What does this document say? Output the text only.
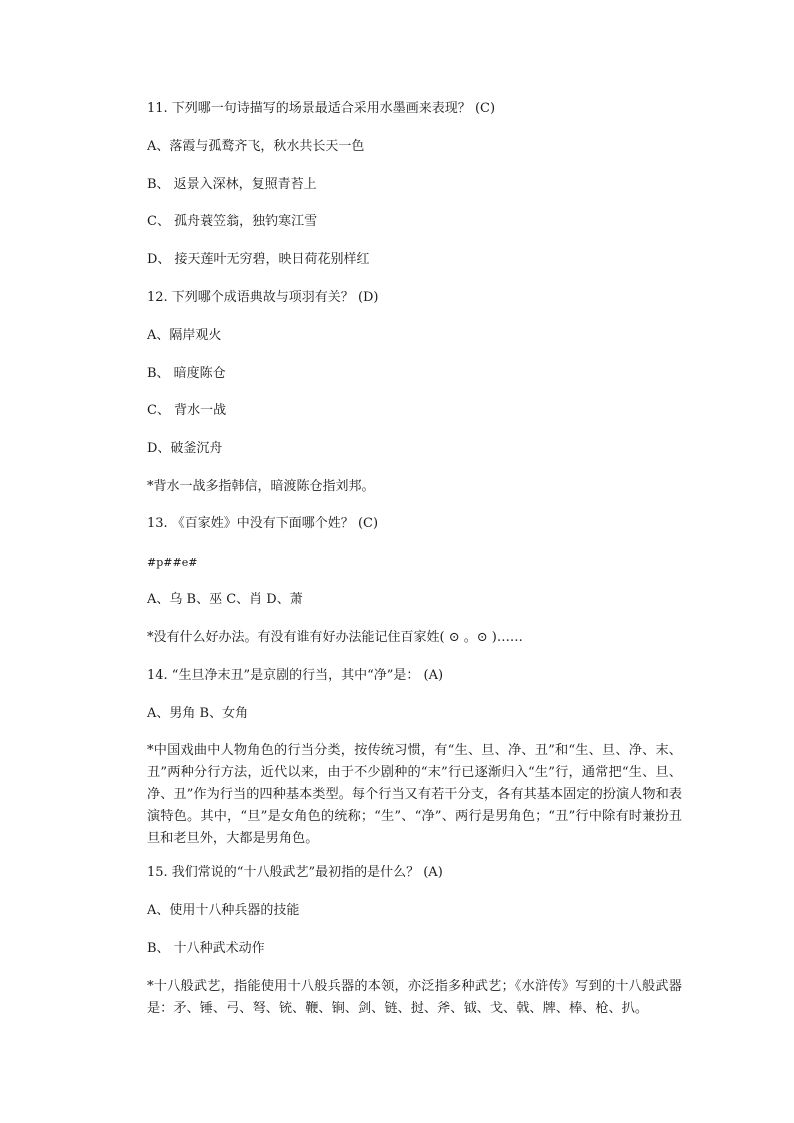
11. 下列哪一句诗描写的场景最适合采用水墨画来表现？ (C)
A、落霞与孤鹜齐飞，秋水共长天一色
B、 返景入深林，复照青苔上
C、 孤舟蓑笠翁，独钓寒江雪
D、 接天莲叶无穷碧，映日荷花别样红
12. 下列哪个成语典故与项羽有关？ (D)
A、隔岸观火
B、 暗度陈仓
C、 背水一战
D、破釜沉舟
*背水一战多指韩信，暗渡陈仓指刘邦。
13. 《百家姓》中没有下面哪个姓？ (C)
#p##e#
A、乌 B、巫 C、肖 D、萧
*没有什么好办法。有没有谁有好办法能记住百家姓( ⊙ 。⊙ )……
14. “生旦净末丑”是京剧的行当，其中“净”是： (A)
A、男角 B、女角
*中国戏曲中人物角色的行当分类，按传统习惯，有“生、旦、净、丑”和“生、旦、净、末、丑”两种分行方法，近代以来，由于不少剧种的“末”行已逐渐归入“生”行，通常把“生、旦、净、丑”作为行当的四种基本类型。每个行当又有若干分支，各有其基本固定的扮演人物和表演特色。其中，“旦”是女角色的统称；“生”、“净”、两行是男角色；“丑”行中除有时兼扮丑旦和老旦外，大都是男角色。
15. 我们常说的“十八般武艺”最初指的是什么？ (A)
A、使用十八种兵器的技能
B、 十八种武术动作
*十八般武艺，指能使用十八般兵器的本领，亦泛指多种武艺；《水浒传》写到的十八般武器是：矛、锤、弓、弩、铳、鞭、锏、剑、链、挝、斧、钺、戈、戟、牌、棒、枪、扒。
